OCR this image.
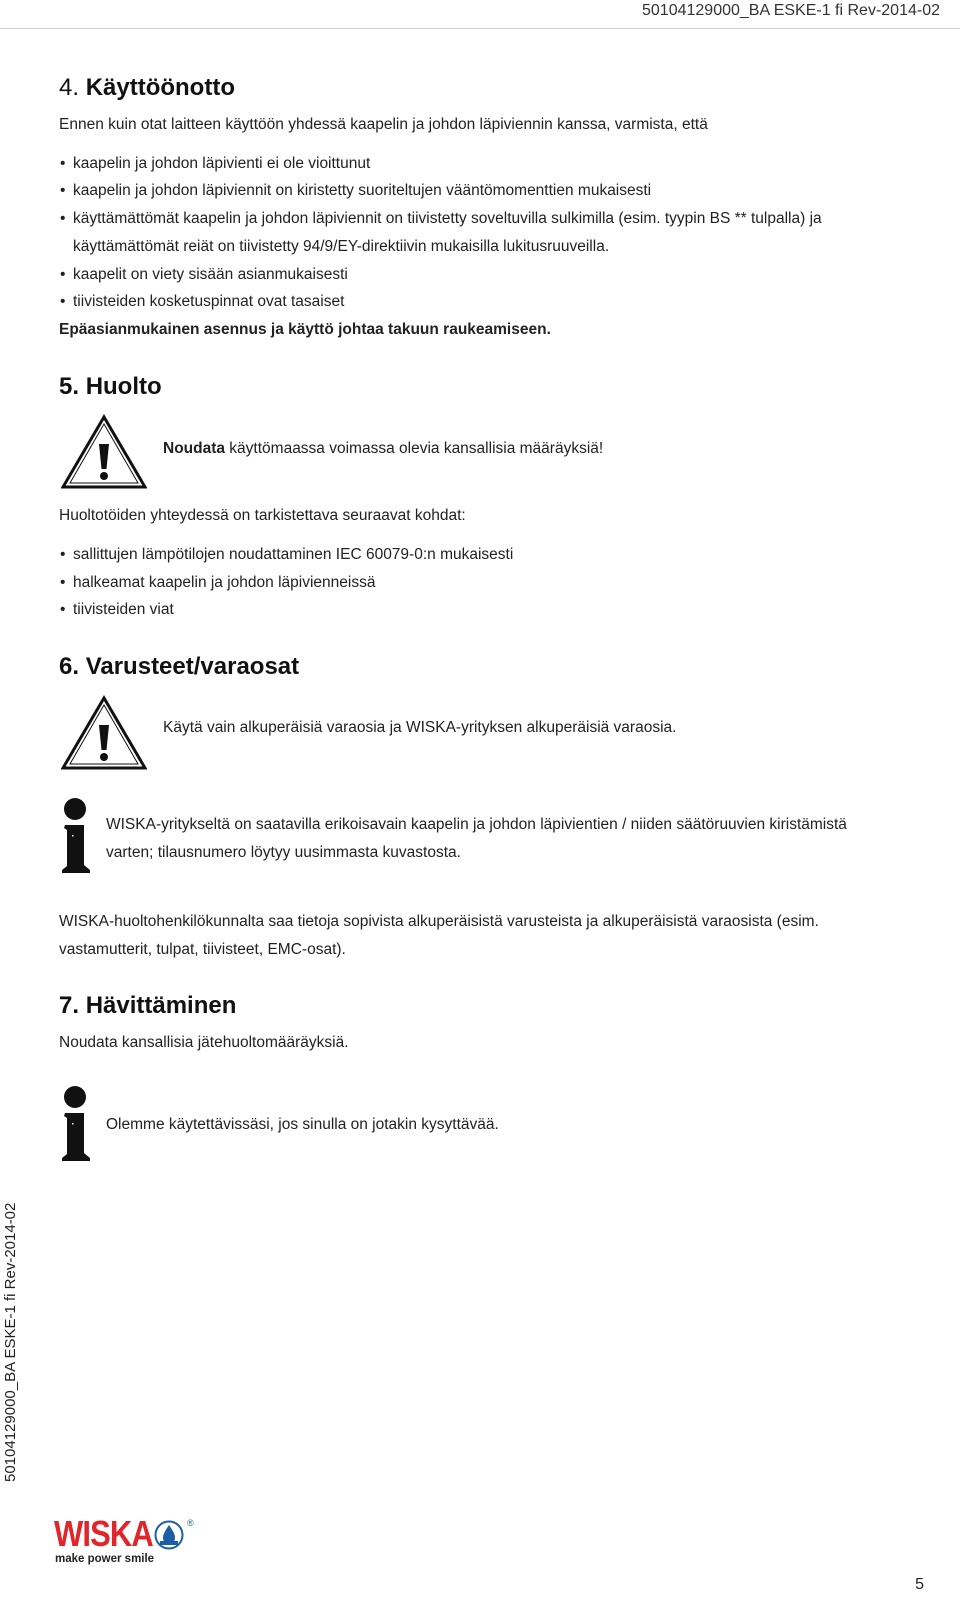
50104129000_BA ESKE-1 fi Rev-2014-02
50104129000_BA ESKE-1 fi Rev-2014-02
4. Käyttöönotto
Ennen kuin otat laitteen käyttöön yhdessä kaapelin ja johdon läpiviennin kanssa, varmista, että
• kaapelin ja johdon läpivienti ei ole vioittunut
• kaapelin ja johdon läpiviennit on kiristetty suoriteltujen vääntömomenttien mukaisesti
• käyttämättömät kaapelin ja johdon läpiviennit on tiivistetty soveltuvilla sulkimilla (esim. tyypin BS ** tulpalla) ja
käyttämättömät reiät on tiivistetty 94/9/EY-direktiivin mukaisilla lukitusruuveilla.
• kaapelit on viety sisään asianmukaisesti
• tiivisteiden kosketuspinnat ovat tasaiset
Epäasianmukainen asennus ja käyttö johtaa takuun raukeamiseen.
5. Huolto
Noudata käyttömaassa voimassa olevia kansallisia määräyksiä!
Huoltotöiden yhteydessä on tarkistettava seuraavat kohdat:
• sallittujen lämpötilojen noudattaminen IEC 60079-0:n mukaisesti
• halkeamat kaapelin ja johdon läpivienneissä
• tiivisteiden viat
6. Varusteet/varaosat
Käytä vain alkuperäisiä varaosia ja WISKA-yrityksen alkuperäisiä varaosia.
WISKA-yritykseltä on saatavilla erikoisavain kaapelin ja johdon läpivientien / niiden säätöruuvien kiristämistä
varten; tilausnumero löytyy uusimmasta kuvastosta.
WISKA-huoltohenkilökunnalta saa tietoja sopivista alkuperäisistä varusteista ja alkuperäisistä varaosista (esim.
vastamutterit, tulpat, tiivisteet, EMC-osat).
7. Hävittäminen
Noudata kansallisia jätehuoltomääräyksiä.
Olemme käytettävissäsi, jos sinulla on jotakin kysyttävää.
WISKA	®
make power smile
5
